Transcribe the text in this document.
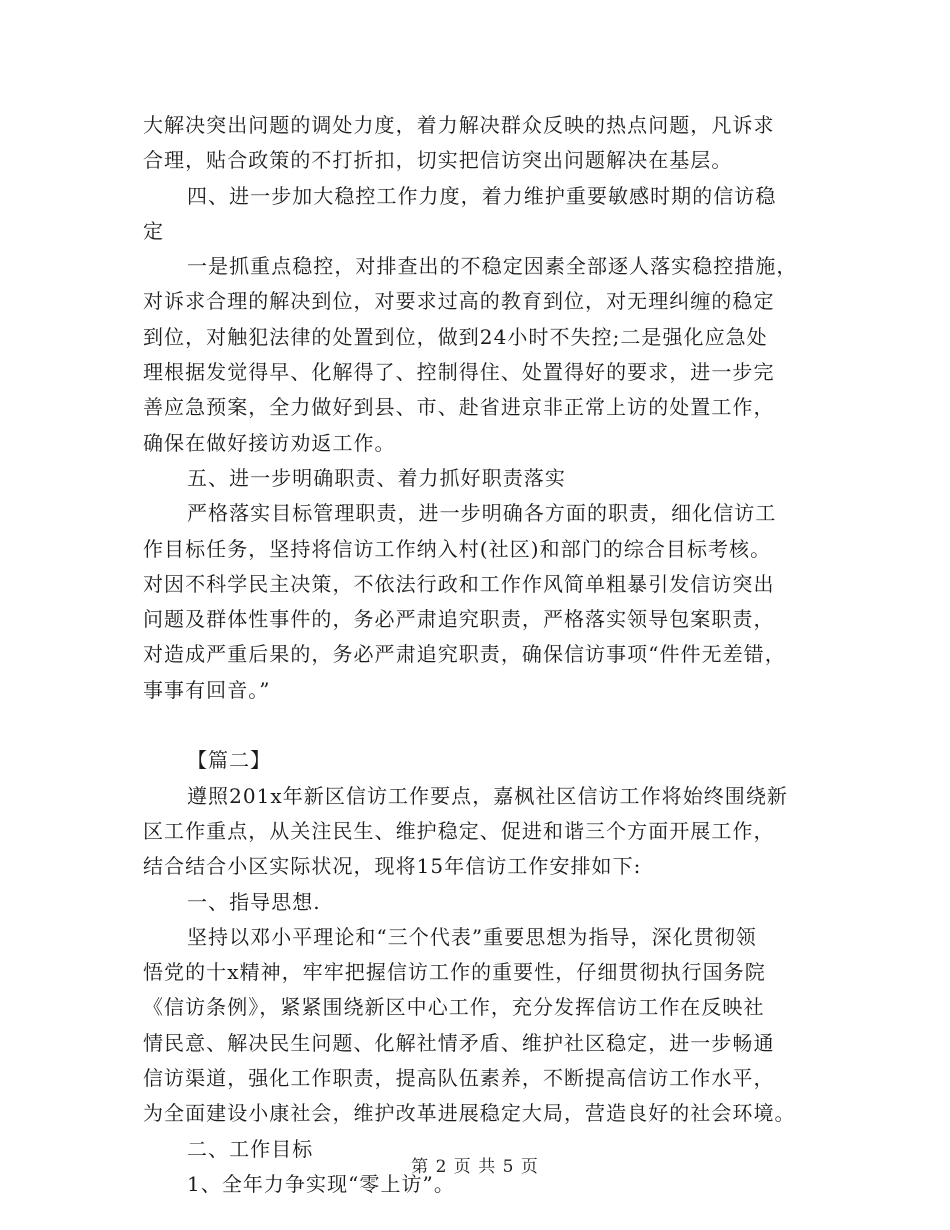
大解决突出问题的调处力度，着力解决群众反映的热点问题，凡诉求
合理，贴合政策的不打折扣，切实把信访突出问题解决在基层。
四、进一步加大稳控工作力度，着力维护重要敏感时期的信访稳
定
一是抓重点稳控，对排查出的不稳定因素全部逐人落实稳控措施，
对诉求合理的解决到位，对要求过高的教育到位，对无理纠缠的稳定
到位，对触犯法律的处置到位，做到24小时不失控;二是强化应急处
理根据发觉得早、化解得了、控制得住、处置得好的要求，进一步完
善应急预案，全力做好到县、市、赴省进京非正常上访的处置工作，
确保在做好接访劝返工作。
五、进一步明确职责、着力抓好职责落实
严格落实目标管理职责，进一步明确各方面的职责，细化信访工
作目标任务，坚持将信访工作纳入村(社区)和部门的综合目标考核。
对因不科学民主决策，不依法行政和工作作风简单粗暴引发信访突出
问题及群体性事件的，务必严肃追究职责，严格落实领导包案职责，
对造成严重后果的，务必严肃追究职责，确保信访事项“件件无差错，
事事有回音。”
【篇二】
遵照201x年新区信访工作要点，嘉枫社区信访工作将始终围绕新
区工作重点，从关注民生、维护稳定、促进和谐三个方面开展工作，
结合结合小区实际状况，现将15年信访工作安排如下:
一、指导思想.
坚持以邓小平理论和“三个代表”重要思想为指导，深化贯彻领
悟党的十x精神，牢牢把握信访工作的重要性，仔细贯彻执行国务院
《信访条例》，紧紧围绕新区中心工作，充分发挥信访工作在反映社
情民意、解决民生问题、化解社情矛盾、维护社区稳定，进一步畅通
信访渠道，强化工作职责，提高队伍素养，不断提高信访工作水平，
为全面建设小康社会，维护改革进展稳定大局，营造良好的社会环境。
二、工作目标
1、全年力争实现“零上访”。
第 2 页 共 5 页
